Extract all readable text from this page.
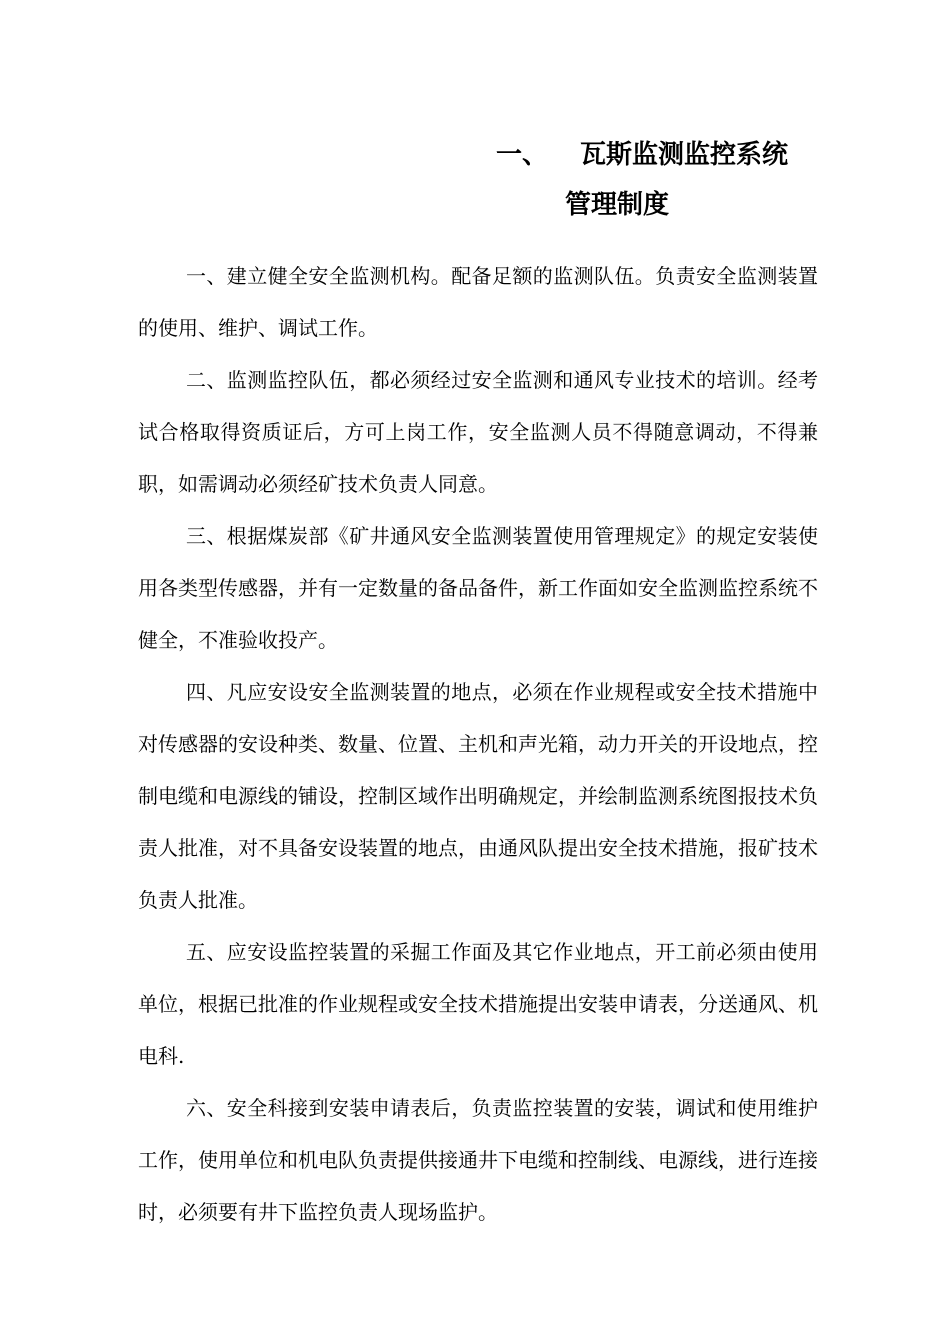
一、 瓦斯监测监控系统
管理制度

一、建立健全安全监测机构。配备足额的监测队伍。负责安全监测装置的使用、维护、调试工作。

二、监测监控队伍，都必须经过安全监测和通风专业技术的培训。经考试合格取得资质证后，方可上岗工作，安全监测人员不得随意调动，不得兼职，如需调动必须经矿技术负责人同意。

三、根据煤炭部《矿井通风安全监测装置使用管理规定》的规定安装使用各类型传感器，并有一定数量的备品备件，新工作面如安全监测监控系统不健全，不准验收投产。

四、凡应安设安全监测装置的地点，必须在作业规程或安全技术措施中对传感器的安设种类、数量、位置、主机和声光箱，动力开关的开设地点，控制电缆和电源线的铺设，控制区域作出明确规定，并绘制监测系统图报技术负责人批准，对不具备安设装置的地点，由通风队提出安全技术措施，报矿技术负责人批准。

五、应安设监控装置的采掘工作面及其它作业地点，开工前必须由使用单位，根据已批准的作业规程或安全技术措施提出安装申请表，分送通风、机电科.

六、安全科接到安装申请表后，负责监控装置的安装，调试和使用维护工作，使用单位和机电队负责提供接通井下电缆和控制线、电源线，进行连接时，必须要有井下监控负责人现场监护。
